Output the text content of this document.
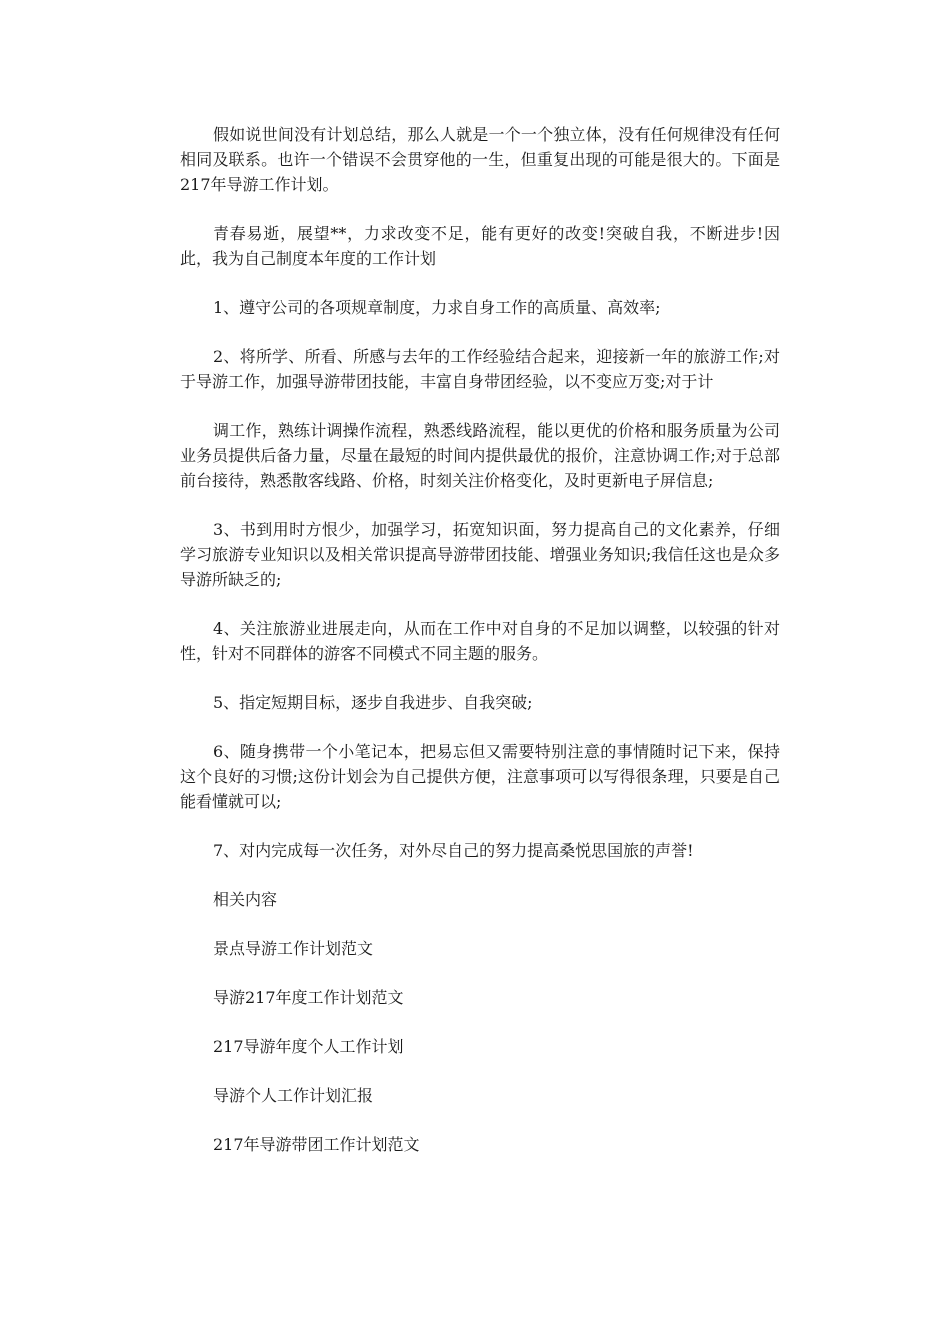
假如说世间没有计划总结，那么人就是一个一个独立体，没有任何规律没有任何相同及联系。也许一个错误不会贯穿他的一生，但重复出现的可能是很大的。下面是217年导游工作计划。

青春易逝，展望**，力求改变不足，能有更好的改变!突破自我，不断进步!因此，我为自己制度本年度的工作计划

1、遵守公司的各项规章制度，力求自身工作的高质量、高效率;

2、将所学、所看、所感与去年的工作经验结合起来，迎接新一年的旅游工作;对于导游工作，加强导游带团技能，丰富自身带团经验，以不变应万变;对于计

调工作，熟练计调操作流程，熟悉线路流程，能以更优的价格和服务质量为公司业务员提供后备力量，尽量在最短的时间内提供最优的报价，注意协调工作;对于总部前台接待，熟悉散客线路、价格，时刻关注价格变化，及时更新电子屏信息;

3、书到用时方恨少，加强学习，拓宽知识面，努力提高自己的文化素养，仔细学习旅游专业知识以及相关常识提高导游带团技能、增强业务知识;我信任这也是众多导游所缺乏的;

4、关注旅游业进展走向，从而在工作中对自身的不足加以调整，以较强的针对性，针对不同群体的游客不同模式不同主题的服务。

5、指定短期目标，逐步自我进步、自我突破;

6、随身携带一个小笔记本，把易忘但又需要特别注意的事情随时记下来，保持这个良好的习惯;这份计划会为自己提供方便，注意事项可以写得很条理，只要是自己能看懂就可以;

7、对内完成每一次任务，对外尽自己的努力提高桑悦思国旅的声誉!

相关内容

景点导游工作计划范文

导游217年度工作计划范文

217导游年度个人工作计划

导游个人工作计划汇报

217年导游带团工作计划范文
